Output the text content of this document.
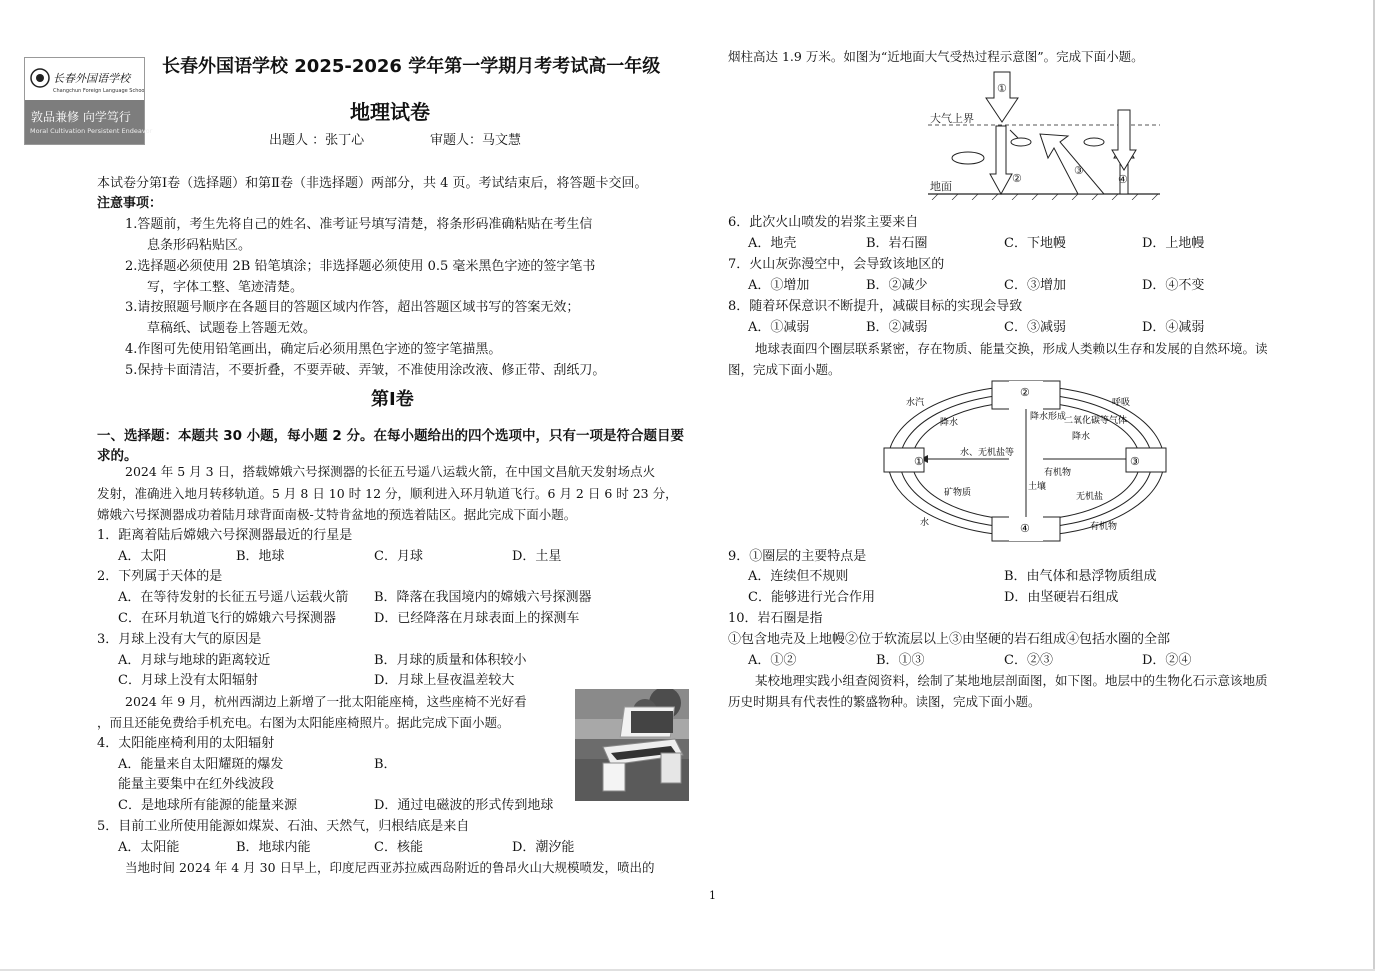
长春外国语学校
Changchun Foreign Language School
敦品兼修 向学笃行
Moral Cultivation Persistent Endeavor
长春外国语学校 2025-2026 学年第一学期月考考试高一年级
地理试卷
出题人 ：张丁心	审题人：马文慧
本试卷分第Ⅰ卷（选择题）和第Ⅱ卷（非选择题）两部分，共 4 页。考试结束后，将答题卡交回。
注意事项：
1.答题前，考生先将自己的姓名、准考证号填写清楚，将条形码准确粘贴在考生信
息条形码粘贴区。
2.选择题必须使用 2B 铅笔填涂；非选择题必须使用 0.5 毫米黑色字迹的签字笔书
写，字体工整、笔迹清楚。
3.请按照题号顺序在各题目的答题区域内作答，超出答题区域书写的答案无效；
草稿纸、试题卷上答题无效。
4.作图可先使用铅笔画出，确定后必须用黑色字迹的签字笔描黑。
5.保持卡面清洁，不要折叠，不要弄破、弄皱，不准使用涂改液、修正带、刮纸刀。
第Ⅰ卷
一、选择题：本题共 30 小题，每小题 2 分。在每小题给出的四个选项中，只有一项是符合题目要
求的。
2024 年 5 月 3 日，搭载嫦娥六号探测器的长征五号遥八运载火箭，在中国文昌航天发射场点火
发射，准确进入地月转移轨道。5 月 8 日 10 时 12 分，顺利进入环月轨道飞行。6 月 2 日 6 时 23 分，
嫦娥六号探测器成功着陆月球背面南极-艾特肯盆地的预选着陆区。据此完成下面小题。
1．距离着陆后嫦娥六号探测器最近的行星是
A．太阳	B．地球	C．月球	D．土星
2．下列属于天体的是
A．在等待发射的长征五号遥八运载火箭 B．降落在我国境内的嫦娥六号探测器
C．在环月轨道飞行的嫦娥六号探测器	D．已经降落在月球表面上的探测车
3．月球上没有大气的原因是
A．月球与地球的距离较近	B．月球的质量和体积较小
C．月球上没有太阳辐射	D．月球上昼夜温差较大
2024 年 9 月，杭州西湖边上新增了一批太阳能座椅，这些座椅不光好看
，而且还能免费给手机充电。右图为太阳能座椅照片。据此完成下面小题。
4．太阳能座椅利用的太阳辐射
A．能量来自太阳耀斑的爆发	B．
能量主要集中在红外线波段
C．是地球所有能源的能量来源	D．通过电磁波的形式传到地球
5．目前工业所使用能源如煤炭、石油、天然气，归根结底是来自
A．太阳能	B．地球内能	C．核能	D．潮汐能
当地时间 2024 年 4 月 30 日早上，印度尼西亚苏拉威西岛附近的鲁昂火山大规模喷发，喷出的
烟柱高达 1.9 万米。如图为“近地面大气受热过程示意图”。完成下面小题。
大气上界
地面
①
②
③
④
6．此次火山喷发的岩浆主要来自
A．地壳	B．岩石圈	C．下地幔	D．上地幔
7．火山灰弥漫空中，会导致该地区的
A．①增加	B．②减少	C．③增加	D．④不变
8．随着环保意识不断提升，减碳目标的实现会导致
A．①减弱	B．②减弱	C．③减弱	D．④减弱
地球表面四个圈层联系紧密，存在物质、能量交换，形成人类赖以生存和发展的自然环境。读
图，完成下面小题。
②
①	③
④
水汽
降水
水、无机盐等
降水形成
呼吸
二氧化碳等气体
降水
有机物
土壤
矿物质	无机盐
水	有机物
9．①圈层的主要特点是
A．连续但不规则	B．由气体和悬浮物质组成
C．能够进行光合作用	D．由坚硬岩石组成
10．岩石圈是指
①包含地壳及上地幔②位于软流层以上③由坚硬的岩石组成④包括水圈的全部
A．①②	B．①③	C．②③	D．②④
某校地理实践小组查阅资料，绘制了某地地层剖面图，如下图。地层中的生物化石示意该地质
历史时期具有代表性的繁盛物种。读图，完成下面小题。
1
